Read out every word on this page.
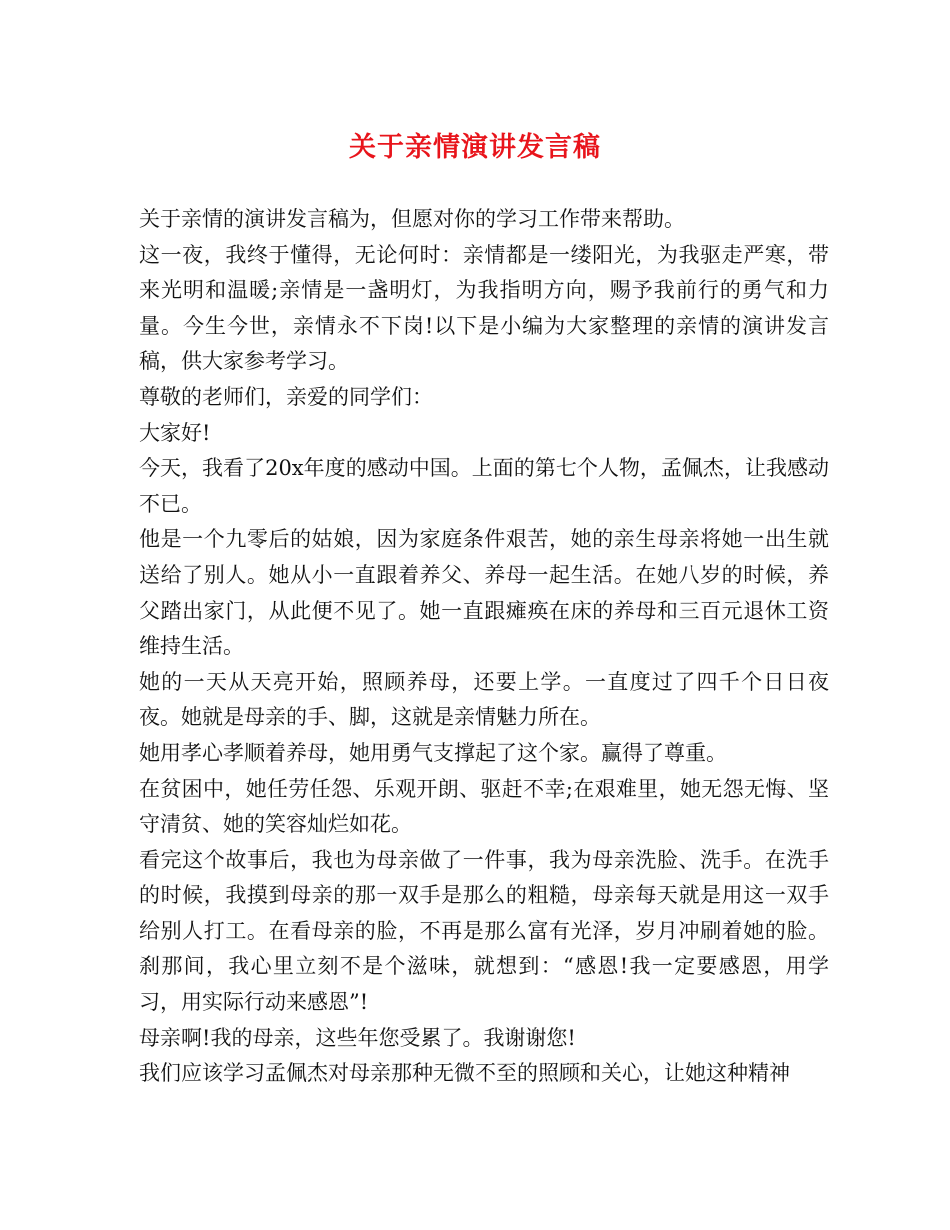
关于亲情演讲发言稿

关于亲情的演讲发言稿为，但愿对你的学习工作带来帮助。

这一夜，我终于懂得，无论何时：亲情都是一缕阳光，为我驱走严寒，带来光明和温暖;亲情是一盏明灯，为我指明方向，赐予我前行的勇气和力量。今生今世，亲情永不下岗!以下是小编为大家整理的亲情的演讲发言稿，供大家参考学习。

尊敬的老师们，亲爱的同学们：

大家好!

今天，我看了20x年度的感动中国。上面的第七个人物，孟佩杰，让我感动不已。

他是一个九零后的姑娘，因为家庭条件艰苦，她的亲生母亲将她一出生就送给了别人。她从小一直跟着养父、养母一起生活。在她八岁的时候，养父踏出家门，从此便不见了。她一直跟瘫痪在床的养母和三百元退休工资维持生活。

她的一天从天亮开始，照顾养母，还要上学。一直度过了四千个日日夜夜。她就是母亲的手、脚，这就是亲情魅力所在。

她用孝心孝顺着养母，她用勇气支撑起了这个家。赢得了尊重。

在贫困中，她任劳任怨、乐观开朗、驱赶不幸;在艰难里，她无怨无悔、坚守清贫、她的笑容灿烂如花。

看完这个故事后，我也为母亲做了一件事，我为母亲洗脸、洗手。在洗手的时候，我摸到母亲的那一双手是那么的粗糙，母亲每天就是用这一双手给别人打工。在看母亲的脸，不再是那么富有光泽，岁月冲刷着她的脸。刹那间，我心里立刻不是个滋味，就想到：“感恩!我一定要感恩，用学习，用实际行动来感恩”!

母亲啊!我的母亲，这些年您受累了。我谢谢您!

我们应该学习孟佩杰对母亲那种无微不至的照顾和关心，让她这种精神
